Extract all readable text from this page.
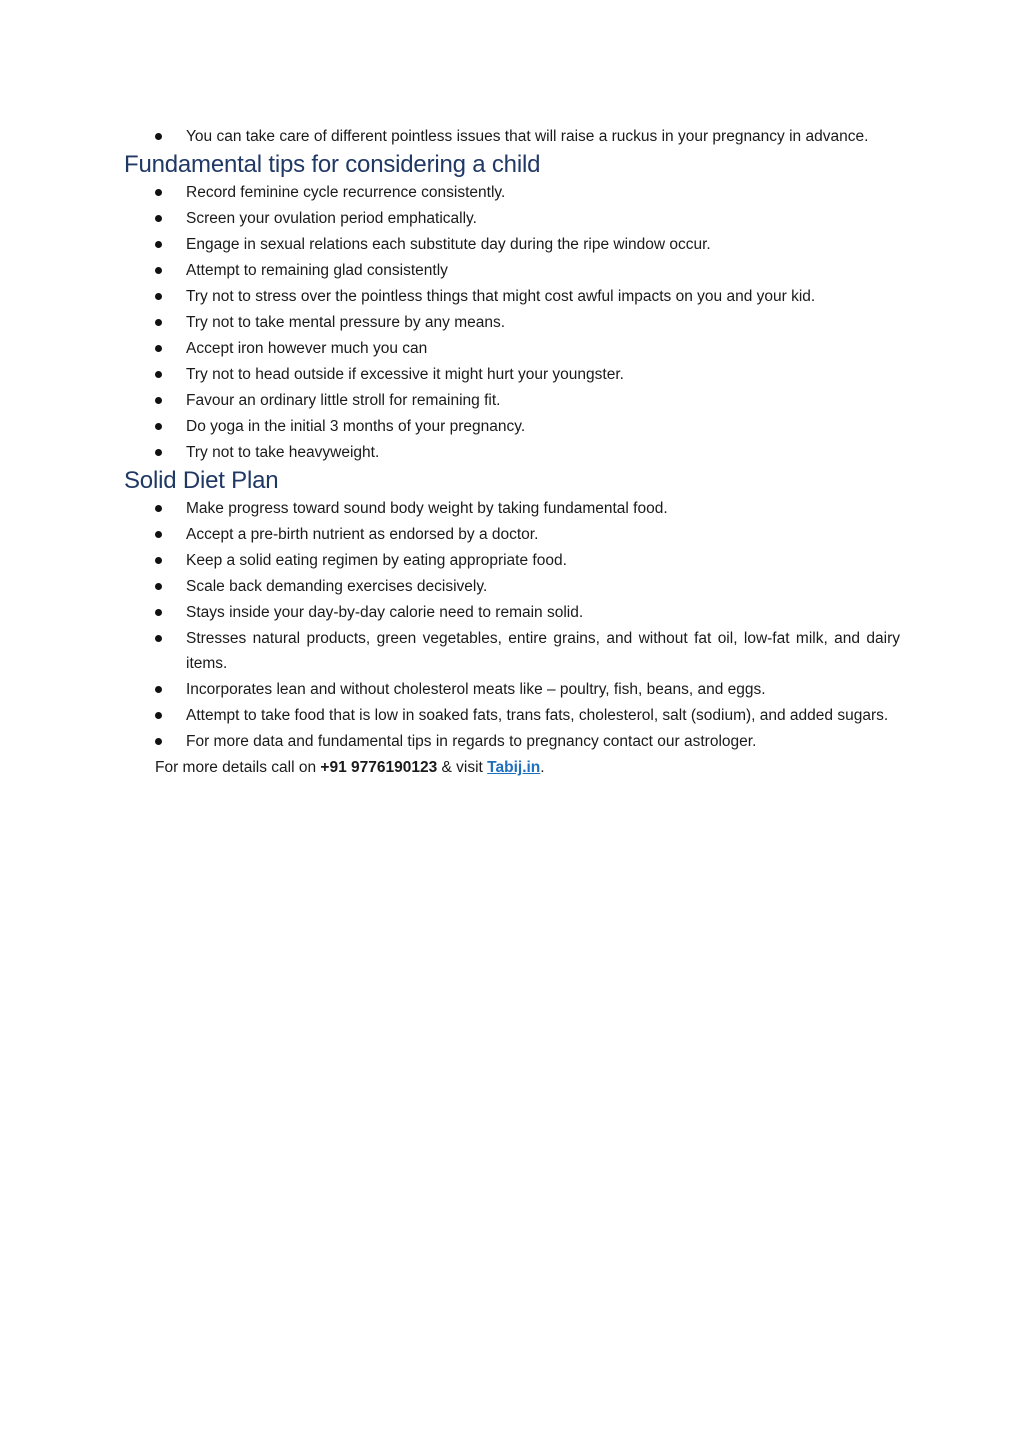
You can take care of different pointless issues that will raise a ruckus in your pregnancy in advance.
Fundamental tips for considering a child
Record feminine cycle recurrence consistently.
Screen your ovulation period emphatically.
Engage in sexual relations each substitute day during the ripe window occur.
Attempt to remaining glad consistently
Try not to stress over the pointless things that might cost awful impacts on you and your kid.
Try not to take mental pressure by any means.
Accept iron however much you can
Try not to head outside if excessive it might hurt your youngster.
Favour an ordinary little stroll for remaining fit.
Do yoga in the initial 3 months of your pregnancy.
Try not to take heavyweight.
Solid Diet Plan
Make progress toward sound body weight by taking fundamental food.
Accept a pre-birth nutrient as endorsed by a doctor.
Keep a solid eating regimen by eating appropriate food.
Scale back demanding exercises decisively.
Stays inside your day-by-day calorie need to remain solid.
Stresses natural products, green vegetables, entire grains, and without fat oil, low-fat milk, and dairy items.
Incorporates lean and without cholesterol meats like – poultry, fish, beans, and eggs.
Attempt to take food that is low in soaked fats, trans fats, cholesterol, salt (sodium), and added sugars.
For more data and fundamental tips in regards to pregnancy contact our astrologer.

For more details call on +91 9776190123 & visit Tabij.in.
